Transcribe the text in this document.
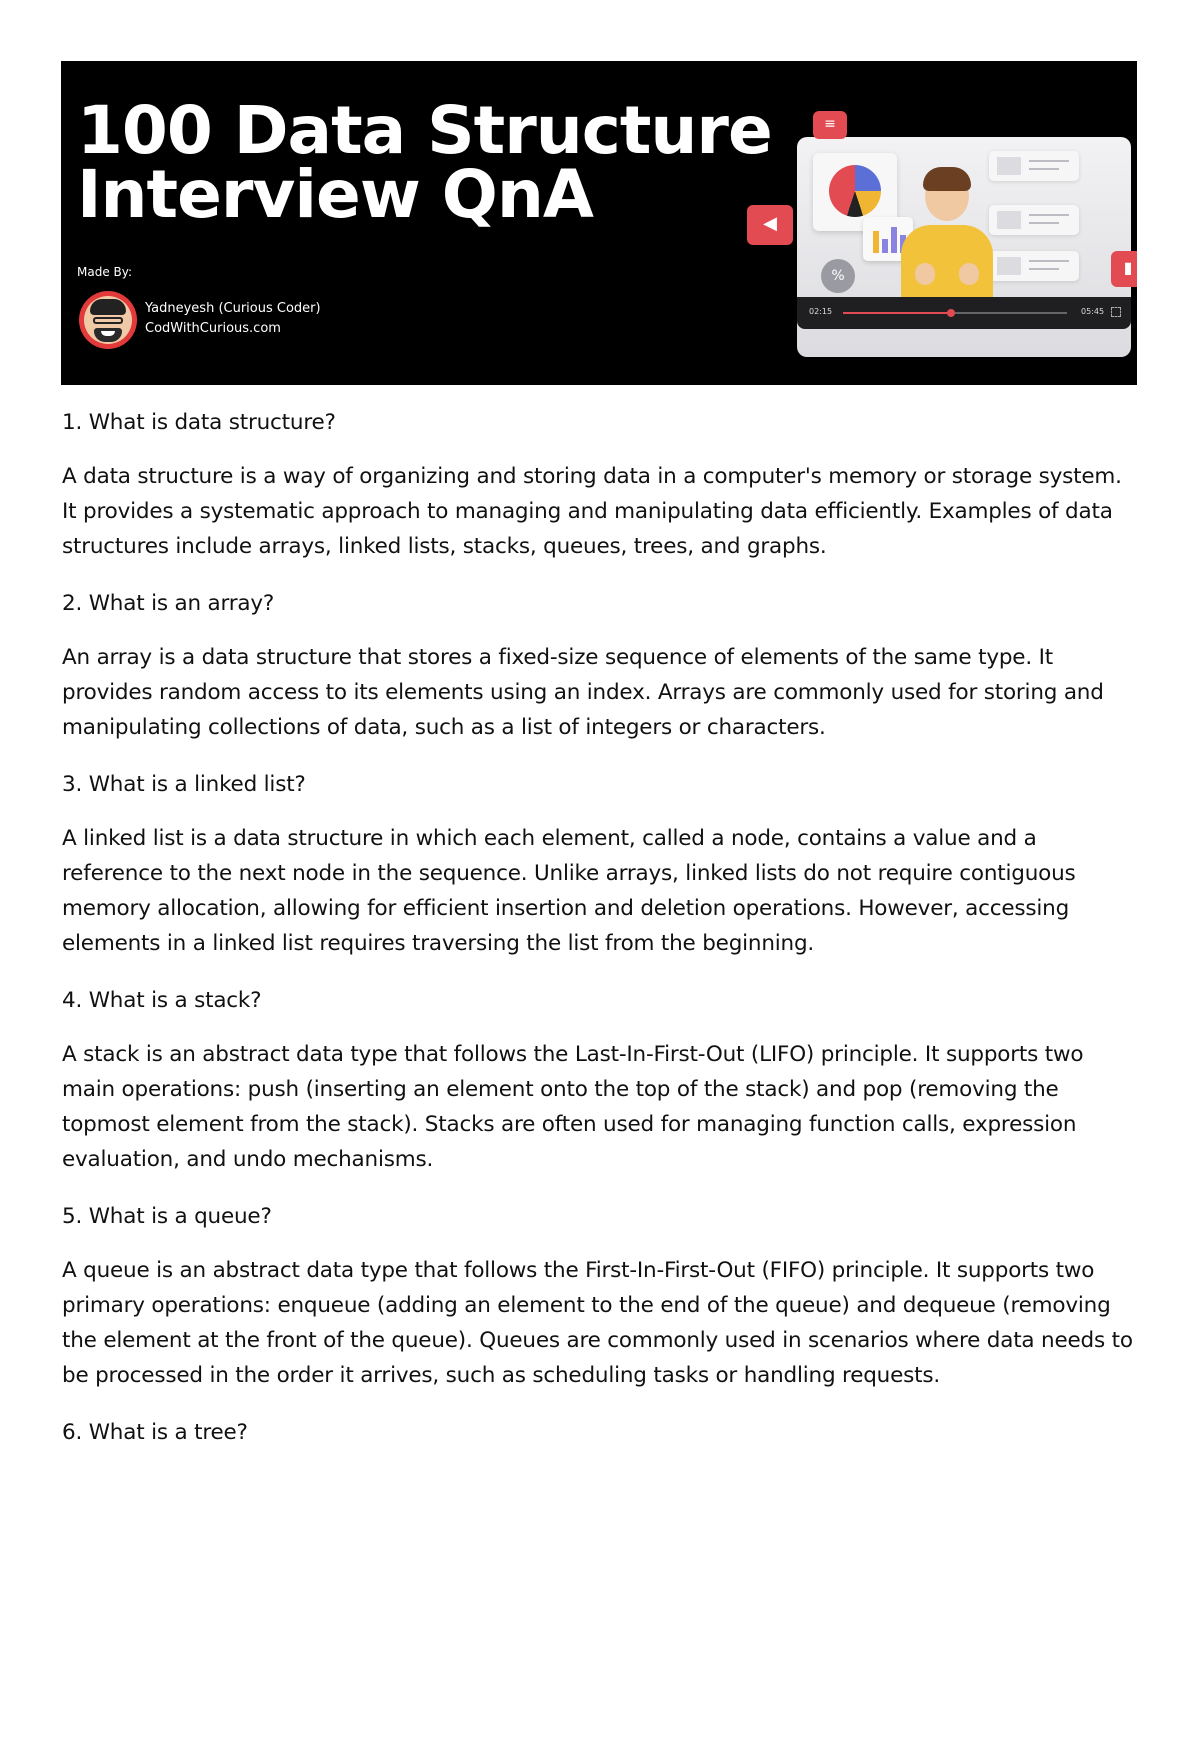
100 Data Structure
Interview QnA
Made By:
Yadneyesh (Curious Coder)
CodWithCurious.com
%
≡
◀
▮
02:15	05:45

1. What is data structure?

A data structure is a way of organizing and storing data in a computer's memory or storage system. It provides a systematic approach to managing and manipulating data efficiently. Examples of data structures include arrays, linked lists, stacks, queues, trees, and graphs.

2. What is an array?

An array is a data structure that stores a fixed-size sequence of elements of the same type. It provides random access to its elements using an index. Arrays are commonly used for storing and manipulating collections of data, such as a list of integers or characters.

3. What is a linked list?

A linked list is a data structure in which each element, called a node, contains a value and a reference to the next node in the sequence. Unlike arrays, linked lists do not require contiguous memory allocation, allowing for efficient insertion and deletion operations. However, accessing elements in a linked list requires traversing the list from the beginning.

4. What is a stack?

A stack is an abstract data type that follows the Last-In-First-Out (LIFO) principle. It supports two main operations: push (inserting an element onto the top of the stack) and pop (removing the topmost element from the stack). Stacks are often used for managing function calls, expression evaluation, and undo mechanisms.

5. What is a queue?

A queue is an abstract data type that follows the First-In-First-Out (FIFO) principle. It supports two primary operations: enqueue (adding an element to the end of the queue) and dequeue (removing the element at the front of the queue). Queues are commonly used in scenarios where data needs to be processed in the order it arrives, such as scheduling tasks or handling requests.

6. What is a tree?
